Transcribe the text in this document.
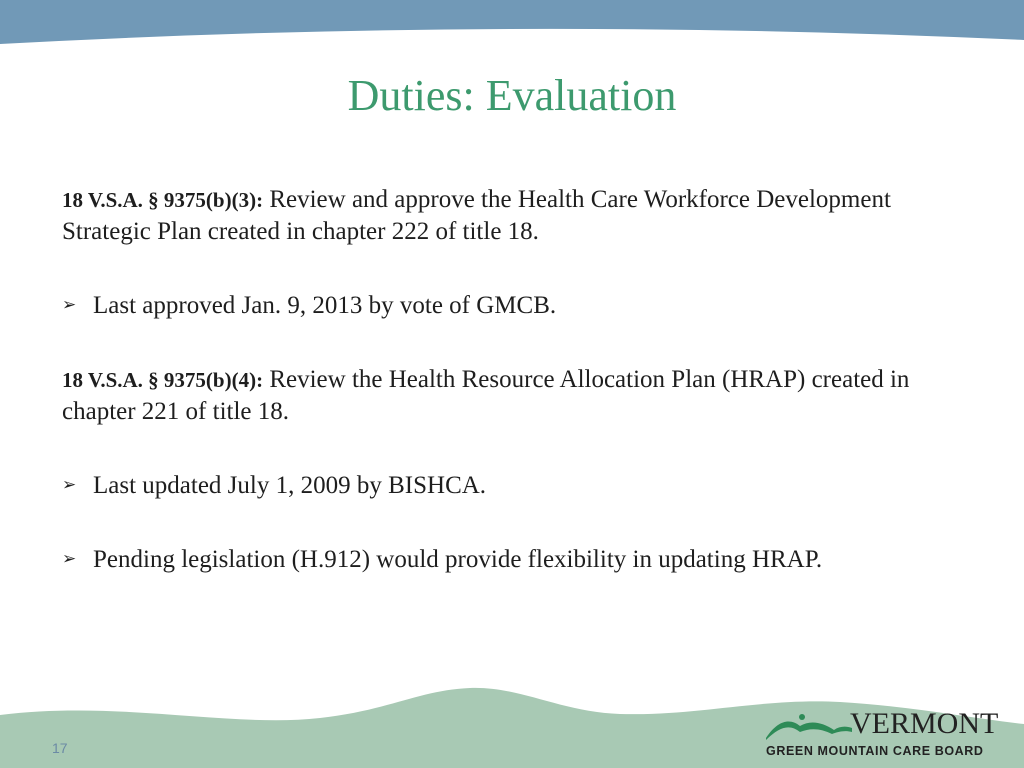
Duties: Evaluation

18 V.S.A. § 9375(b)(3): Review and approve the Health Care Workforce Development Strategic Plan created in chapter 222 of title 18.

➢ Last approved Jan. 9, 2013 by vote of GMCB.

18 V.S.A. § 9375(b)(4): Review the Health Resource Allocation Plan (HRAP) created in chapter 221 of title 18.

➢ Last updated July 1, 2009 by BISHCA.

➢ Pending legislation (H.912) would provide flexibility in updating HRAP.

17
VERMONT
GREEN MOUNTAIN CARE BOARD
